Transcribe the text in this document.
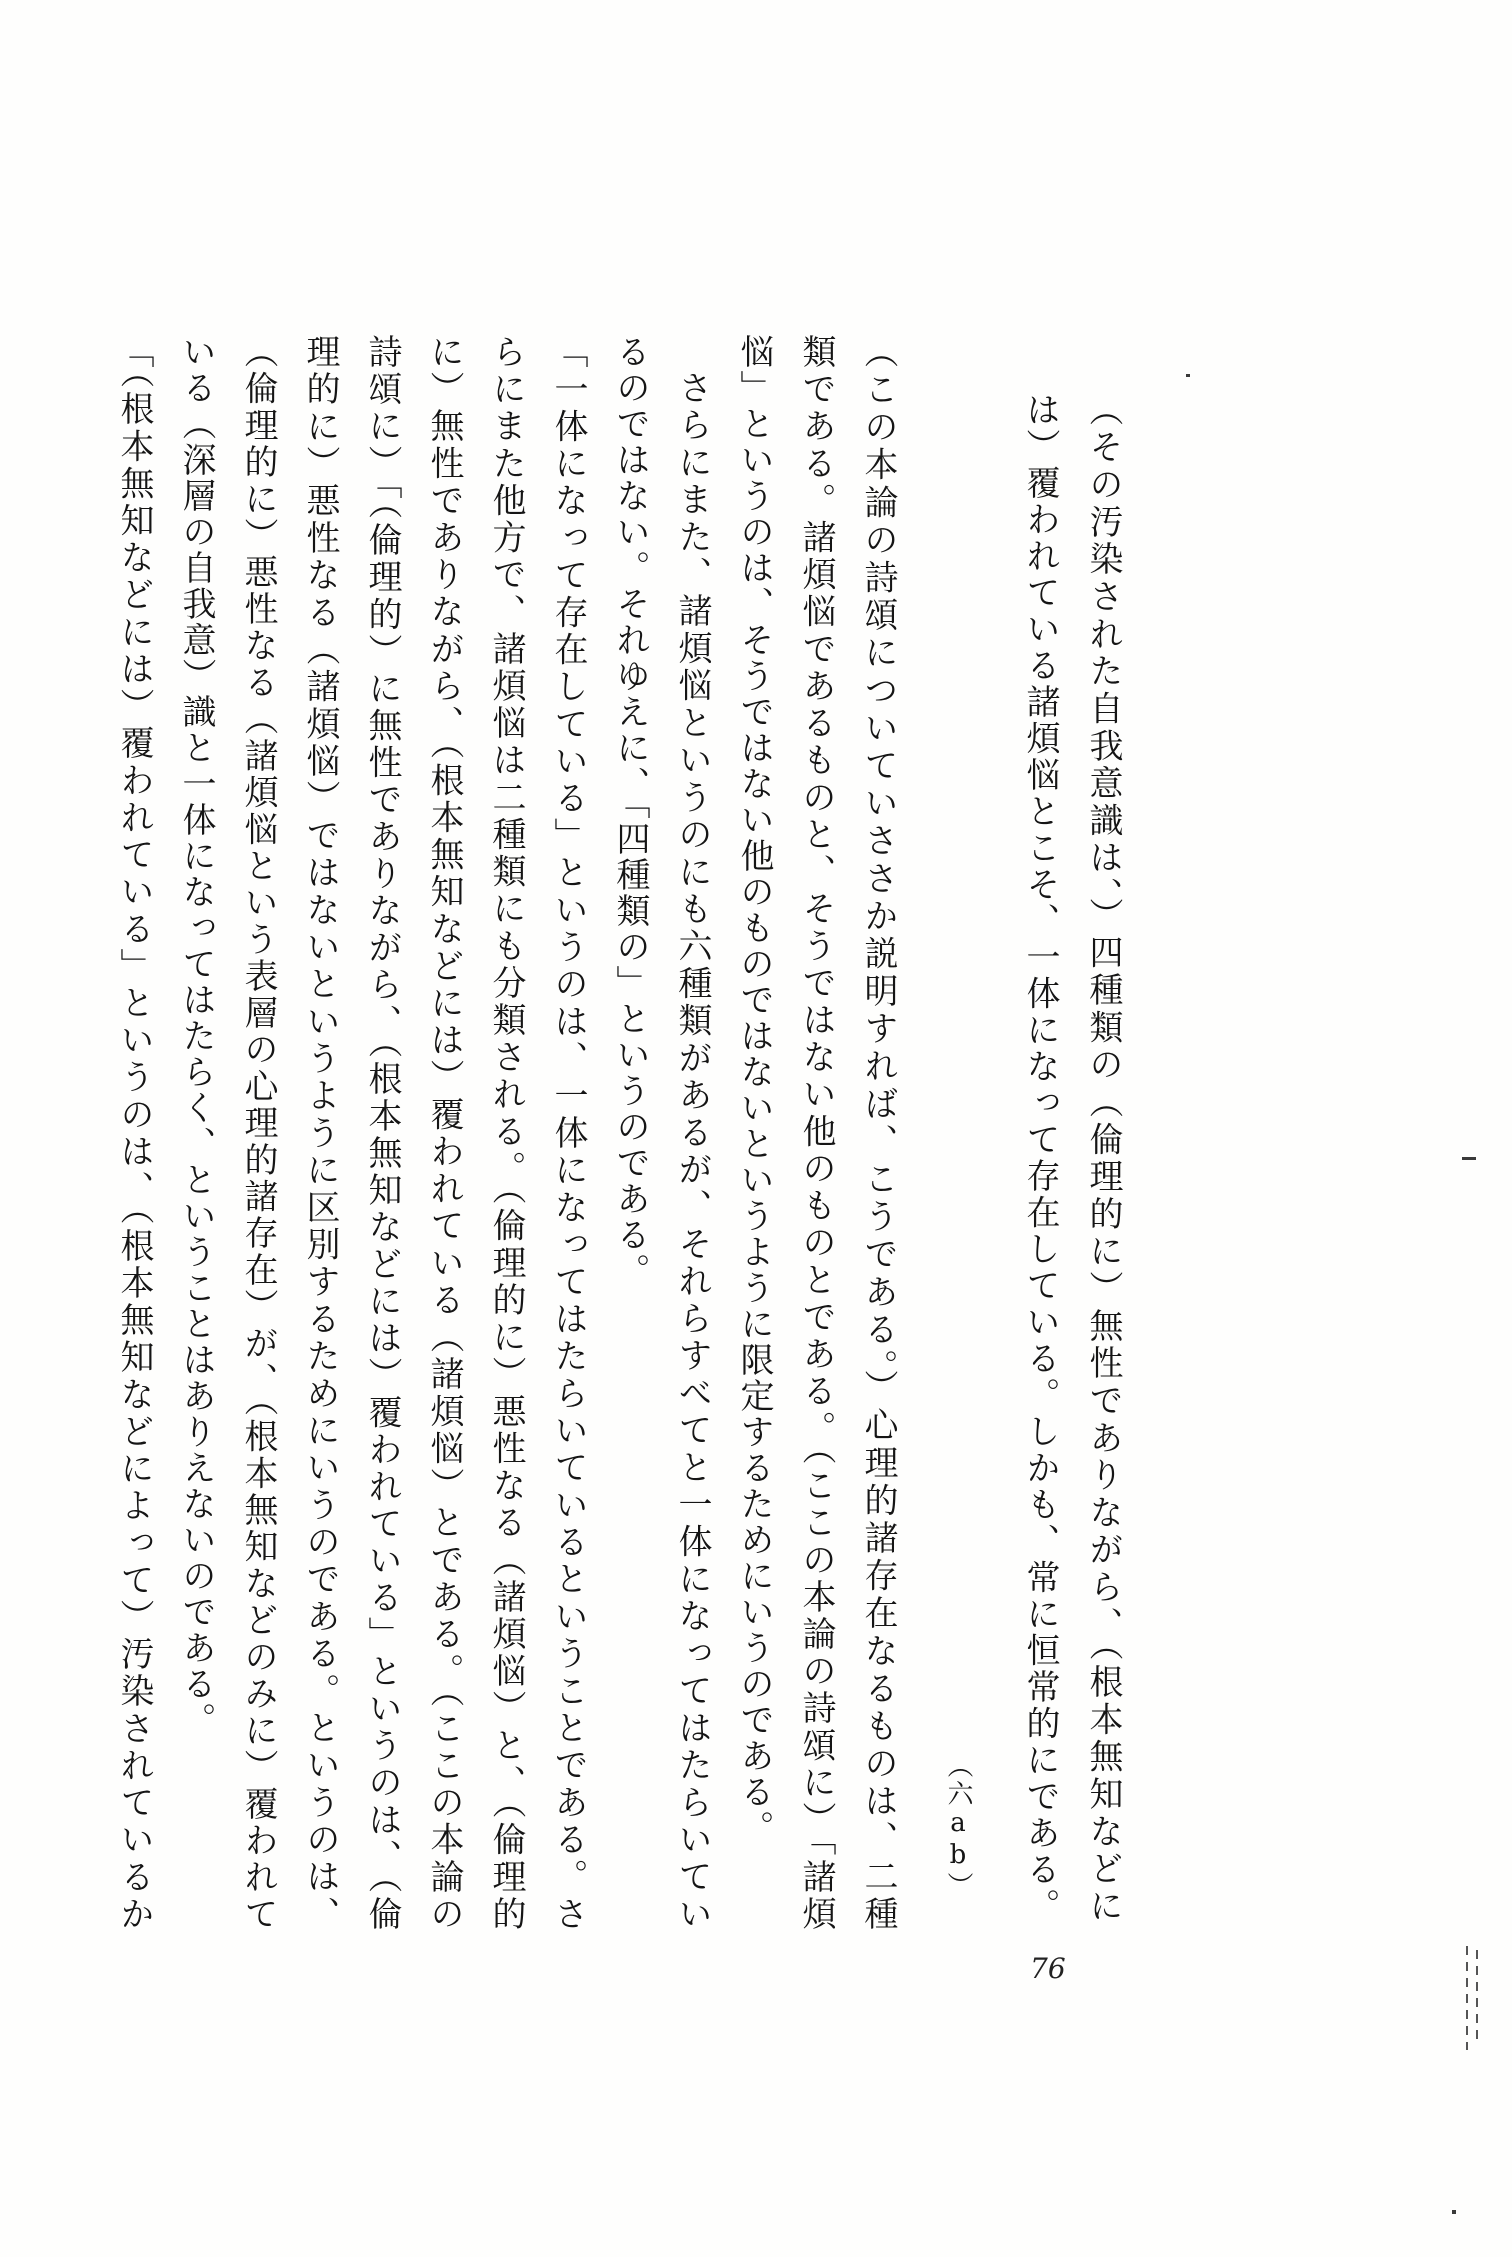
（その汚染された自我意識は、）四種類の（倫理的に）無性でありながら、（根本無知などに
は）覆われている諸煩悩とこそ、一体になって存在している。しかも、常に恒常的にである。
（六ab）
（この本論の詩頌についていささか説明すれば、こうである。）心理的諸存在なるものは、二種
類である。諸煩悩であるものと、そうではない他のものとである。（ここの本論の詩頌に）「諸煩
悩」というのは、そうではない他のものではないというように限定するためにいうのである。
さらにまた、諸煩悩というのにも六種類があるが、それらすべてと一体になってはたらいてい
るのではない。それゆえに、「四種類の」というのである。
「一体になって存在している」というのは、一体になってはたらいているということである。さ
らにまた他方で、諸煩悩は二種類にも分類される。（倫理的に）悪性なる（諸煩悩）と、（倫理的
に）無性でありながら、（根本無知などには）覆われている（諸煩悩）とである。（ここの本論の
詩頌に）「（倫理的）に無性でありながら、（根本無知などには）覆われている」というのは、（倫
理的に）悪性なる（諸煩悩）ではないというように区別するためにいうのである。というのは、
（倫理的に）悪性なる（諸煩悩という表層の心理的諸存在）が、（根本無知などのみに）覆われて
いる（深層の自我意）識と一体になってはたらく、ということはありえないのである。
「（根本無知などには）覆われている」というのは、（根本無知などによって）汚染されているか
76
